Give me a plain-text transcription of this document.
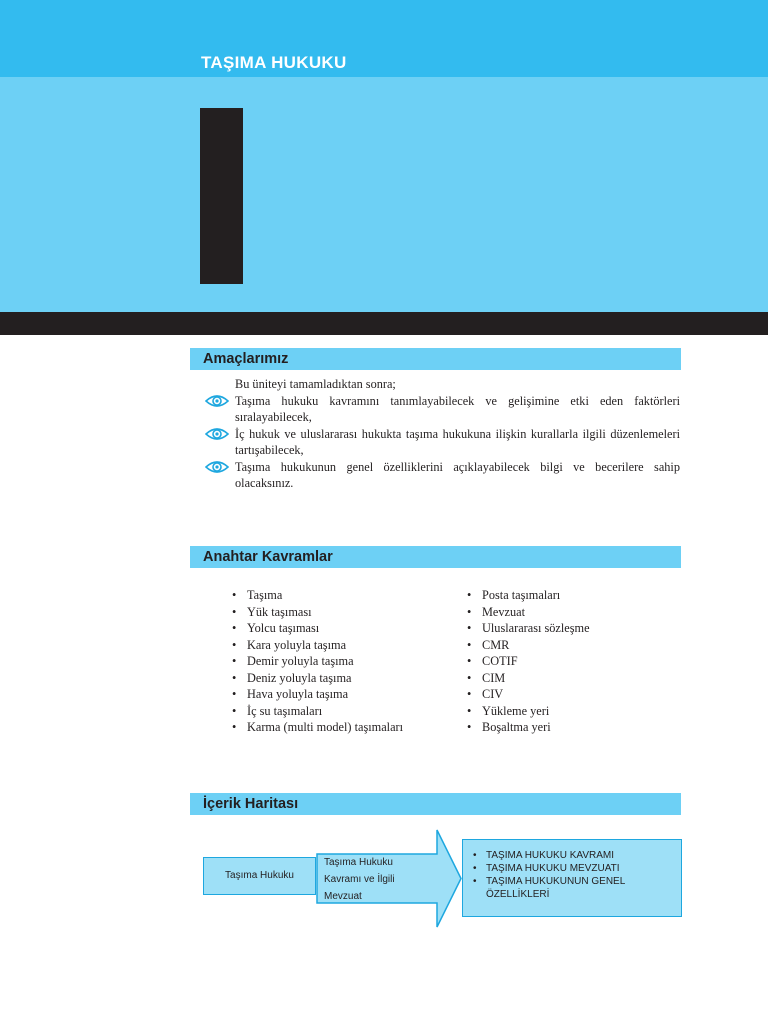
TAŞIMA HUKUKU
Amaçlarımız

Bu üniteyi tamamladıktan sonra;

Taşıma hukuku kavramını tanımlayabilecek ve gelişimine etki eden faktörleri sıralayabilecek,

İç hukuk ve uluslararası hukukta taşıma hukukuna ilişkin kurallarla ilgili düzenlemeleri tartışabilecek,

Taşıma hukukunun genel özelliklerini açıklayabilecek bilgi ve becerilere sahip olacaksınız.

Anahtar Kavramlar
• Taşıma
• Yük taşıması
• Yolcu taşıması
• Kara yoluyla taşıma
• Demir yoluyla taşıma
• Deniz yoluyla taşıma
• Hava yoluyla taşıma
• İç su taşımaları
• Karma (multi model) taşımaları
• Posta taşımaları
• Mevzuat
• Uluslararası sözleşme
• CMR
• COTIF
• CIM
• CIV
• Yükleme yeri
• Boşaltma yeri
İçerik Haritası
Taşıma Hukuku
Taşıma Hukuku
Kavramı ve İlgili
Mevzuat
• TAŞIMA HUKUKU KAVRAMI
• TAŞIMA HUKUKU MEVZUATI
• TAŞIMA HUKUKUNUN GENEL ÖZELLİKLERİ
